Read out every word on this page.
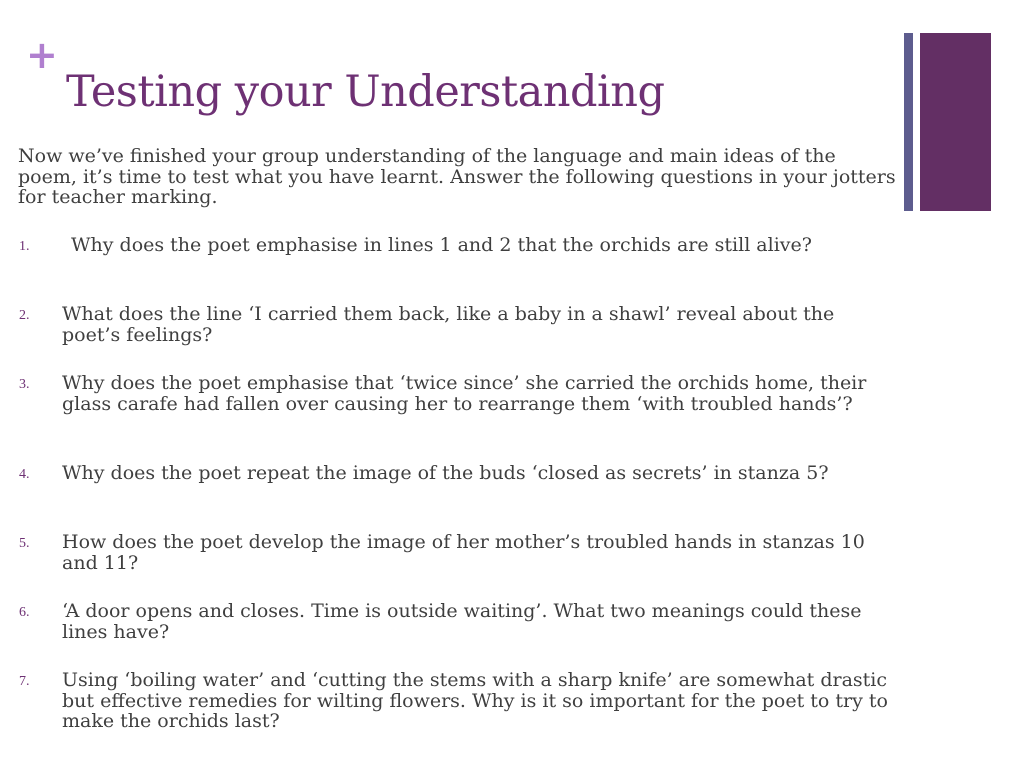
+
Testing your Understanding

Now we’ve finished your group understanding of the language and main ideas of the poem, it’s time to test what you have learnt. Answer the following questions in your jotters for teacher marking.

1. Why does the poet emphasise in lines 1 and 2 that the orchids are still alive?
2. What does the line ‘I carried them back, like a baby in a shawl’ reveal about the poet’s feelings?
3. Why does the poet emphasise that ‘twice since’ she carried the orchids home, their glass carafe had fallen over causing her to rearrange them ‘with troubled hands’?
4. Why does the poet repeat the image of the buds ‘closed as secrets’ in stanza 5?
5. How does the poet develop the image of her mother’s troubled hands in stanzas 10 and 11?
6. ‘A door opens and closes. Time is outside waiting’. What two meanings could these lines have?
7. Using ‘boiling water’ and ‘cutting the stems with a sharp knife’ are somewhat drastic but effective remedies for wilting flowers. Why is it so important for the poet to try to make the orchids last?
